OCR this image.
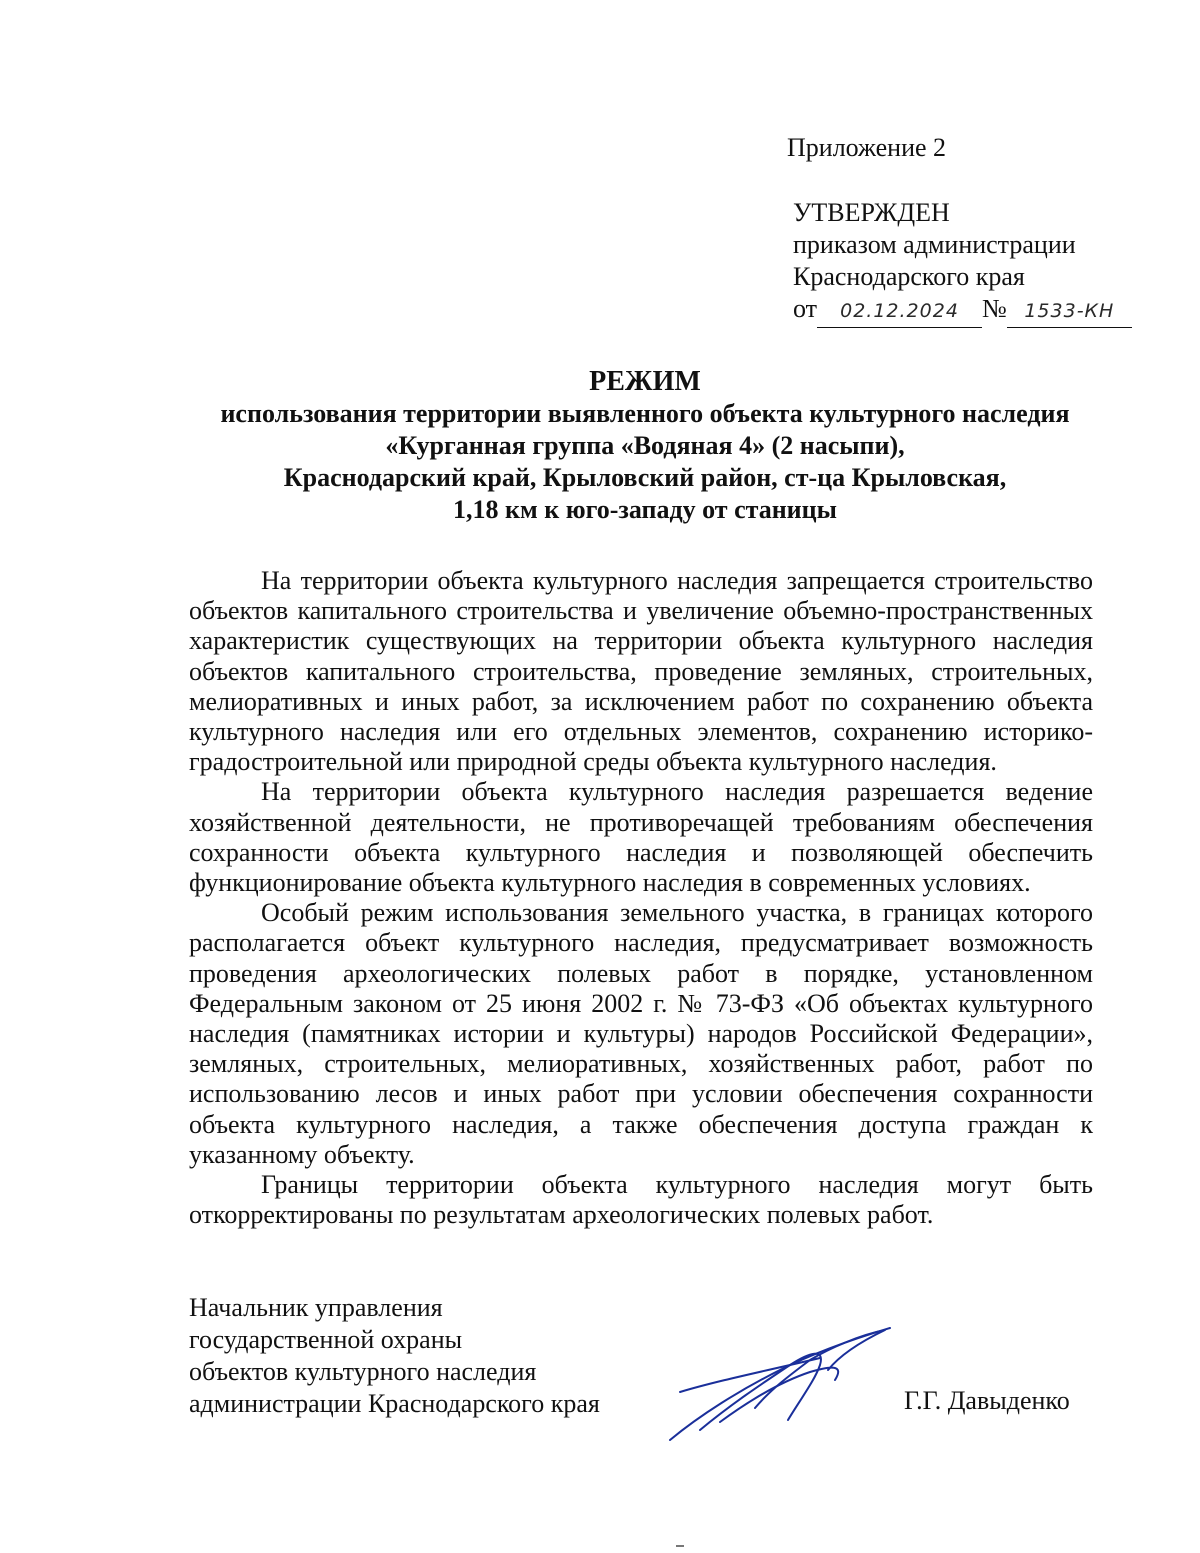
Приложение 2
УТВЕРЖДЕН
приказом администрации
Краснодарского края
от 02.12.2024 № 1533-КН
РЕЖИМ
использования территории выявленного объекта культурного наследия
«Курганная группа «Водяная 4» (2 насыпи),
Краснодарский край, Крыловский район, ст-ца Крыловская,
1,18 км к юго-западу от станицы

На территории объекта культурного наследия запрещается строительство объектов капитального строительства и увеличение объемно-пространственных характеристик существующих на территории объекта культурного наследия объектов капитального строительства, проведение земляных, строительных, мелиоративных и иных работ, за исключением работ по сохранению объекта культурного наследия или его отдельных элементов, сохранению историко-градостроительной или природной среды объекта культурного наследия.

На территории объекта культурного наследия разрешается ведение хозяйственной деятельности, не противоречащей требованиям обеспечения сохранности объекта культурного наследия и позволяющей обеспечить функционирование объекта культурного наследия в современных условиях.

Особый режим использования земельного участка, в границах которого располагается объект культурного наследия, предусматривает возможность проведения археологических полевых работ в порядке, установленном Федеральным законом от 25 июня 2002 г. № 73-ФЗ «Об объектах культурного наследия (памятниках истории и культуры) народов Российской Федерации», земляных, строительных, мелиоративных, хозяйственных работ, работ по использованию лесов и иных работ при условии обеспечения сохранности объекта культурного наследия, а также обеспечения доступа граждан к указанному объекту.

Границы территории объекта культурного наследия могут быть откорректированы по результатам археологических полевых работ.

Начальник управления
государственной охраны
объектов культурного наследия
администрации Краснодарского края	Г.Г. Давыденко
